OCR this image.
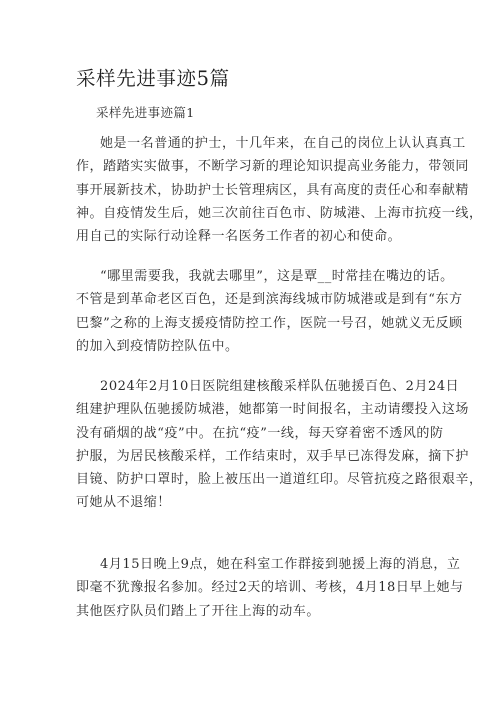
采样先进事迹5篇
采样先进事迹篇1
她是一名普通的护士，十几年来，在自己的岗位上认认真真工
作，踏踏实实做事，不断学习新的理论知识提高业务能力，带领同
事开展新技术，协助护士长管理病区，具有高度的责任心和奉献精
神。自疫情发生后，她三次前往百色市、防城港、上海市抗疫一线，
用自己的实际行动诠释一名医务工作者的初心和使命。
“哪里需要我，我就去哪里”，这是覃__时常挂在嘴边的话。
不管是到革命老区百色，还是到滨海线城市防城港或是到有“东方
巴黎”之称的上海支援疫情防控工作，医院一号召，她就义无反顾
的加入到疫情防控队伍中。
2024年2月10日医院组建核酸采样队伍驰援百色、2月24日
组建护理队伍驰援防城港，她都第一时间报名，主动请缨投入这场
没有硝烟的战“疫”中。在抗“疫”一线，每天穿着密不透风的防
护服，为居民核酸采样，工作结束时，双手早已冻得发麻，摘下护
目镜、防护口罩时，脸上被压出一道道红印。尽管抗疫之路很艰辛，
可她从不退缩！
4月15日晚上9点，她在科室工作群接到驰援上海的消息，立
即毫不犹豫报名参加。经过2天的培训、考核，4月18日早上她与
其他医疗队员们踏上了开往上海的动车。
